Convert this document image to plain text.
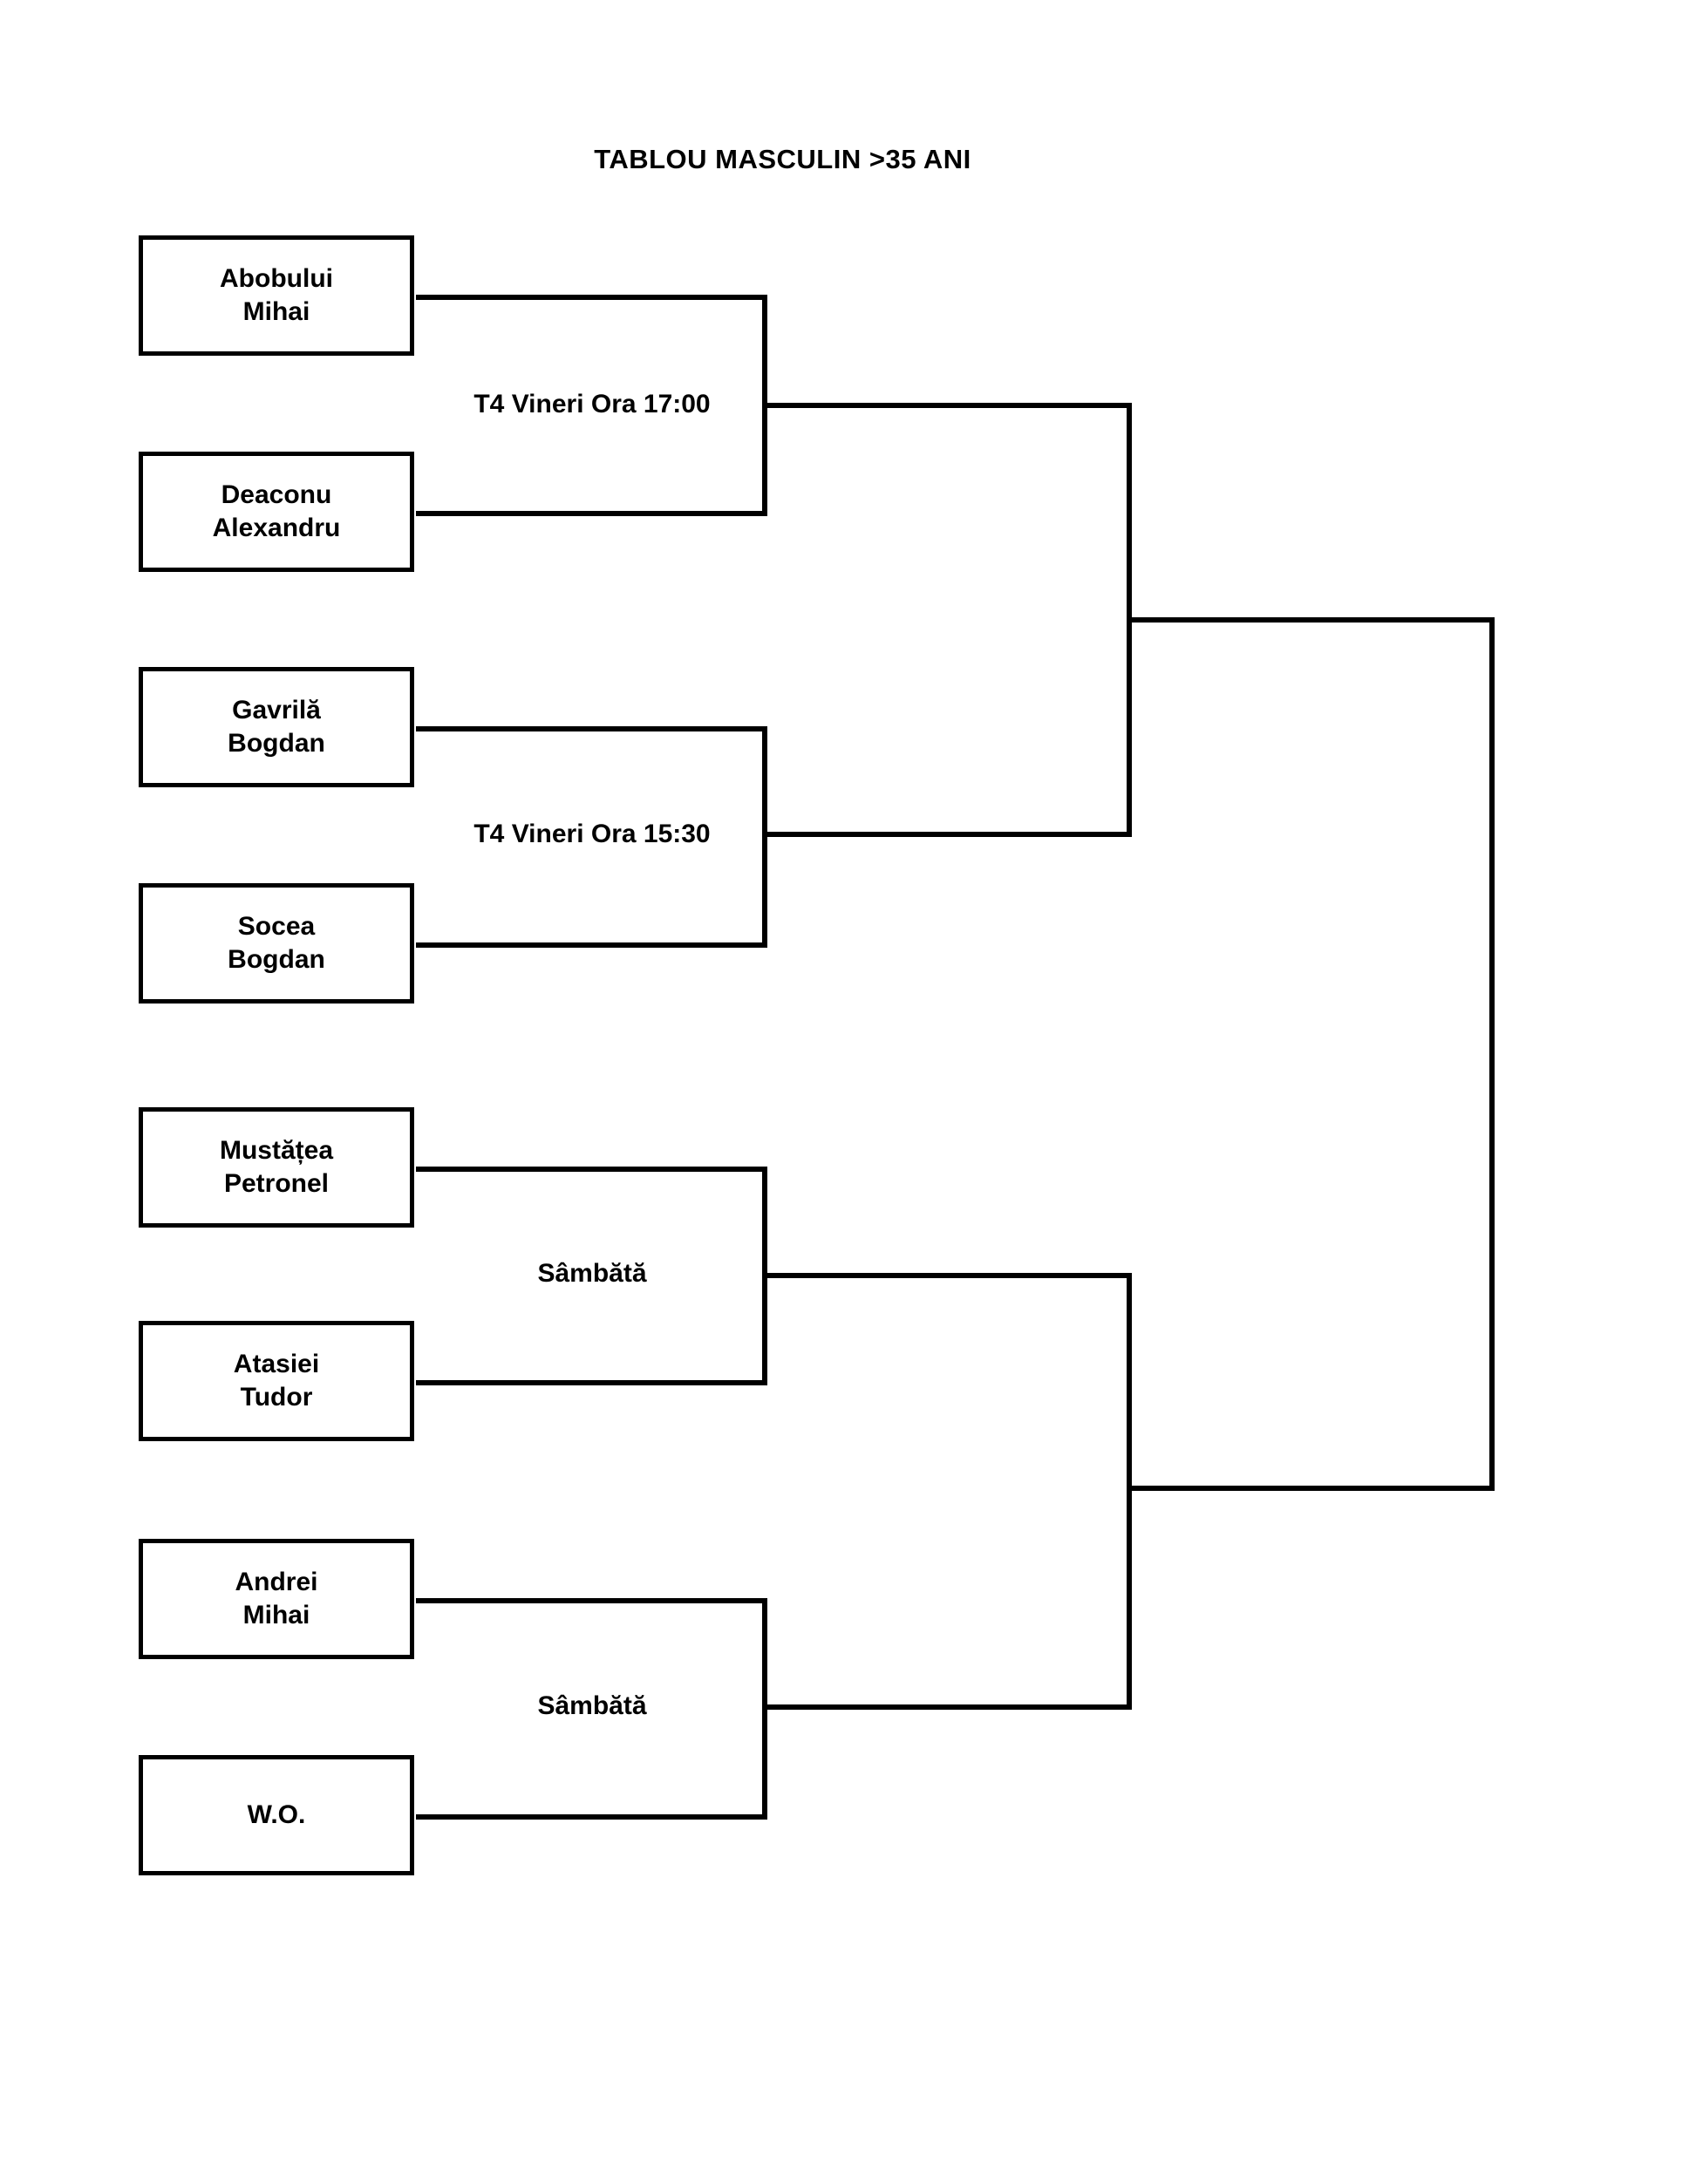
TABLOU MASCULIN >35 ANI
Abobului
Mihai
Deaconu
Alexandru
Gavrilă
Bogdan
Socea
Bogdan
Mustățea
Petronel
Atasiei
Tudor
Andrei
Mihai
W.O.
T4 Vineri Ora 17:00
T4 Vineri Ora 15:30
Sâmbătă
Sâmbătă
